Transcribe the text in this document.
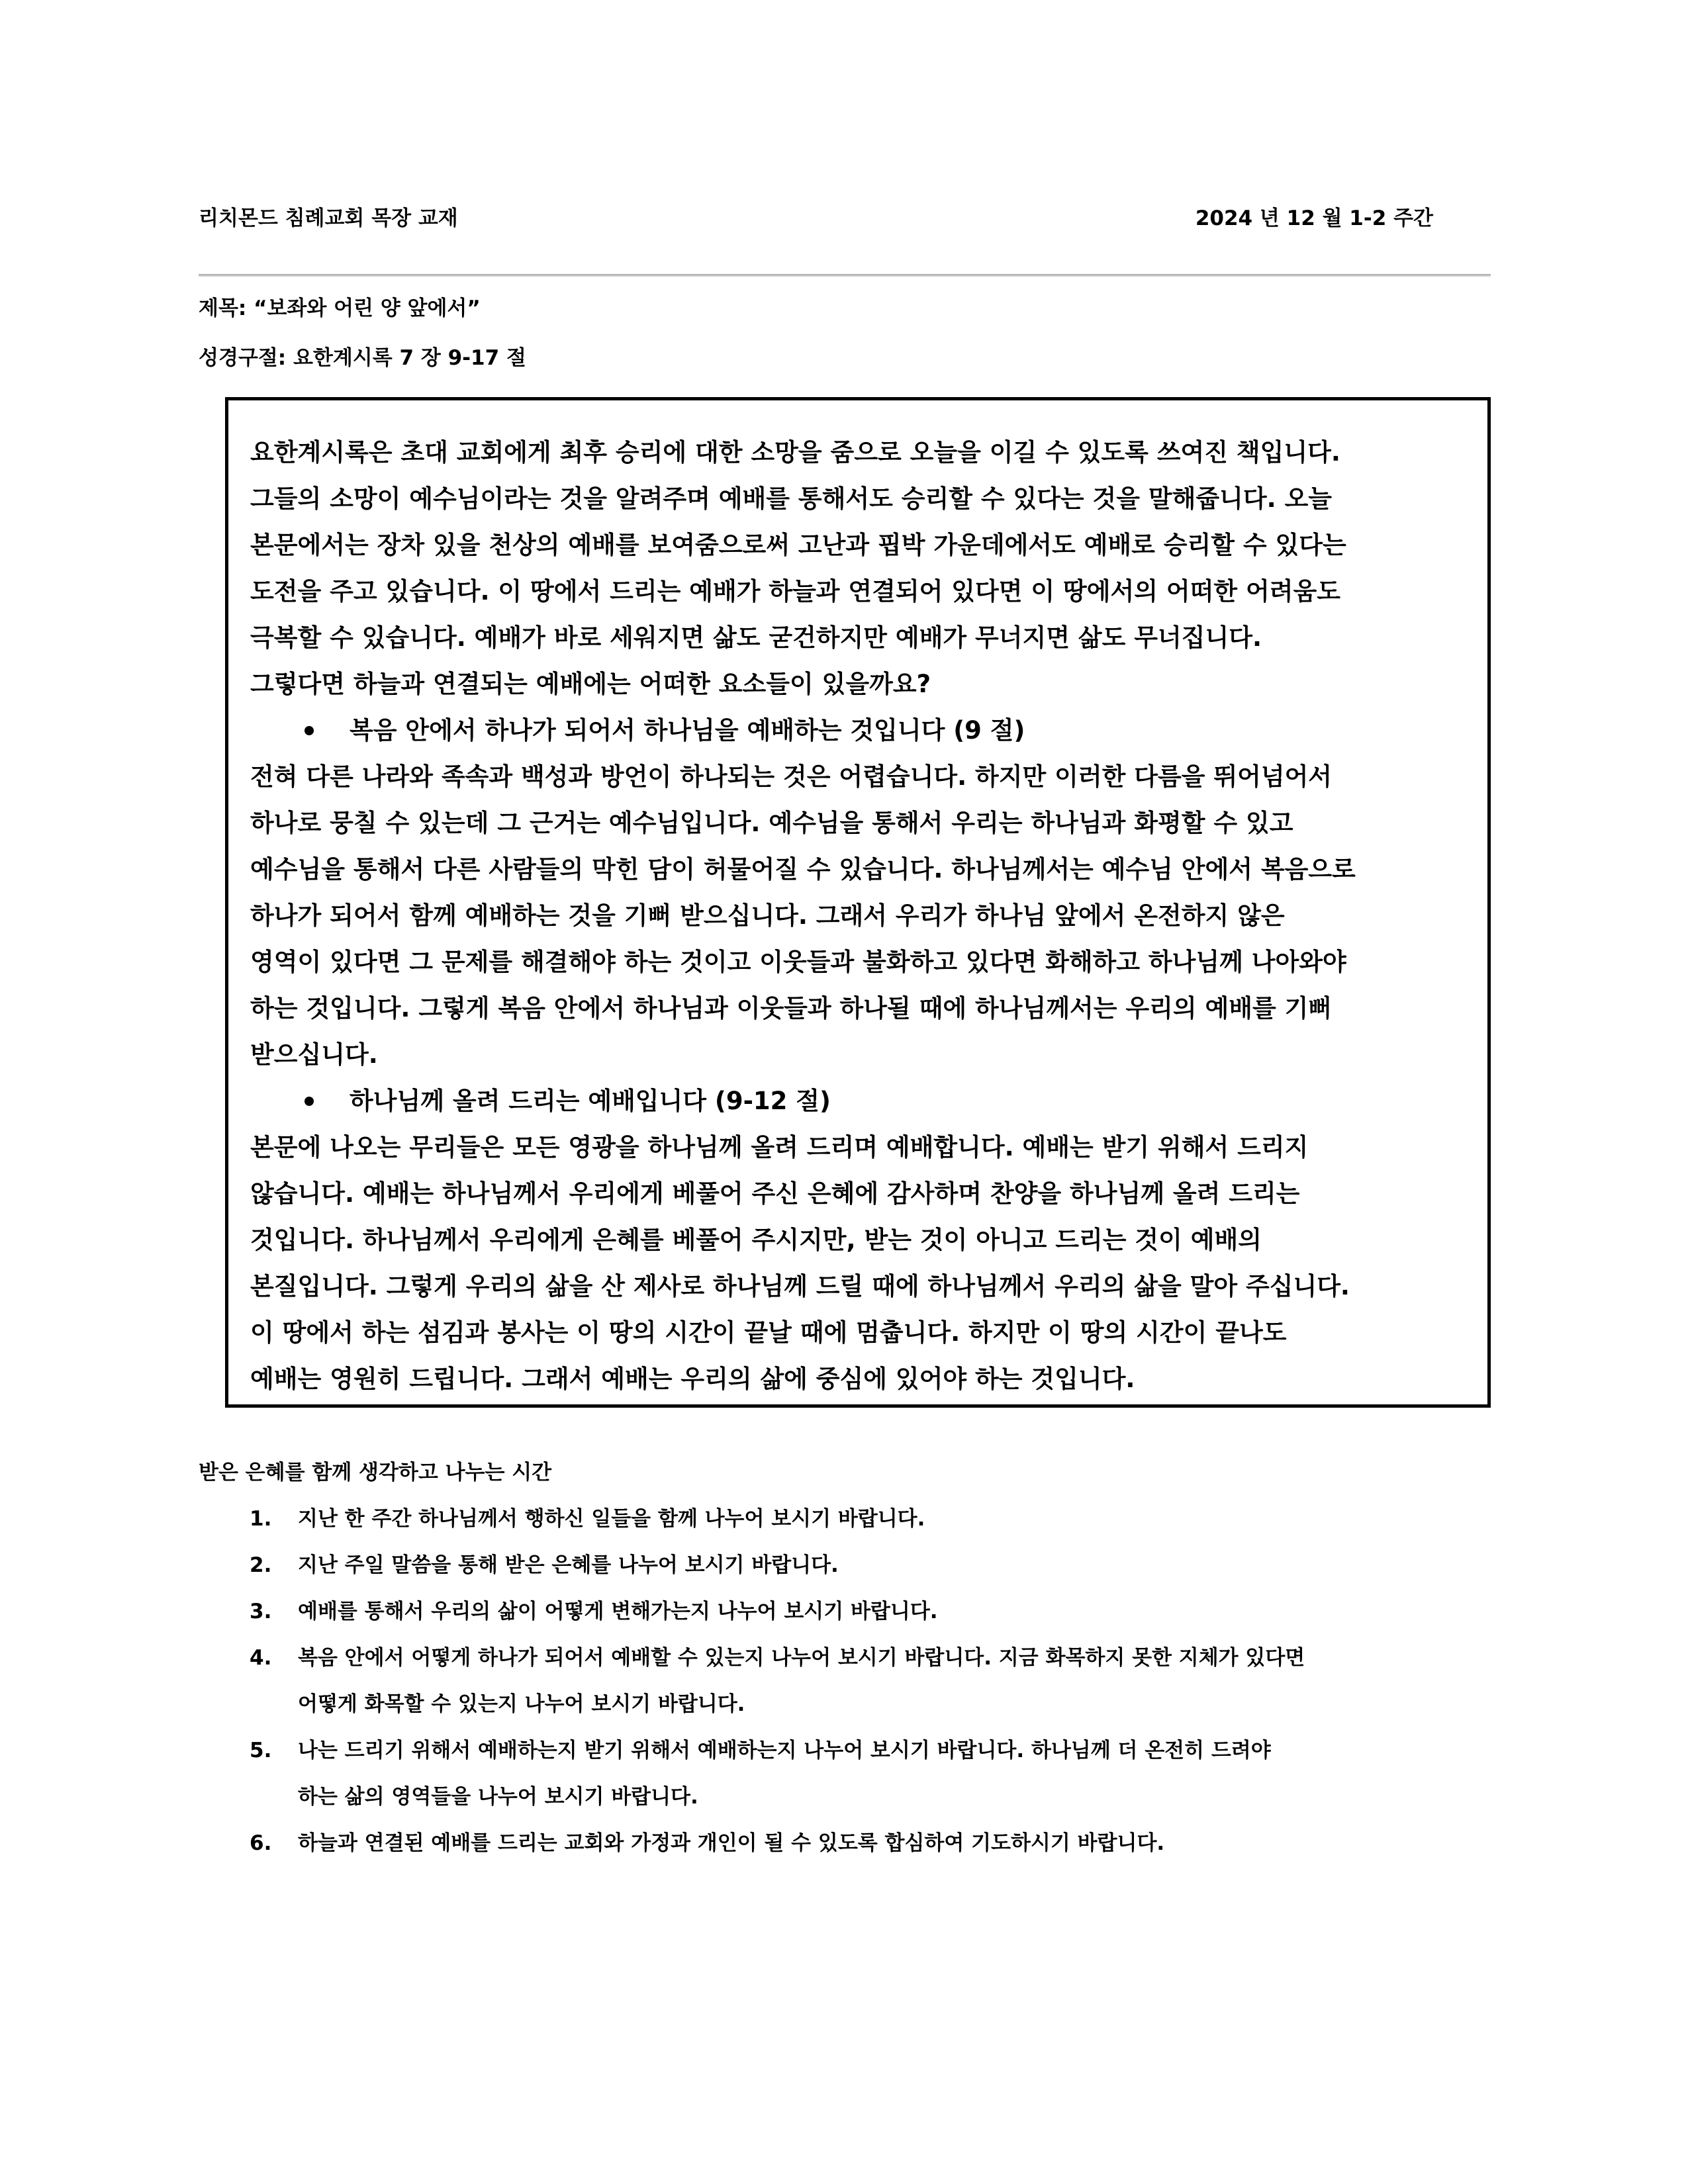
리치몬드 침례교회 목장 교재	2024 년 12 월 1-2 주간
제목: “보좌와 어린 양 앞에서”
성경구절: 요한계시록 7 장 9-17 절
요한계시록은 초대 교회에게 최후 승리에 대한 소망을 줌으로 오늘을 이길 수 있도록 쓰여진 책입니다.
그들의 소망이 예수님이라는 것을 알려주며 예배를 통해서도 승리할 수 있다는 것을 말해줍니다. 오늘
본문에서는 장차 있을 천상의 예배를 보여줌으로써 고난과 핍박 가운데에서도 예배로 승리할 수 있다는
도전을 주고 있습니다. 이 땅에서 드리는 예배가 하늘과 연결되어 있다면 이 땅에서의 어떠한 어려움도
극복할 수 있습니다. 예배가 바로 세워지면 삶도 굳건하지만 예배가 무너지면 삶도 무너집니다.
그렇다면 하늘과 연결되는 예배에는 어떠한 요소들이 있을까요?
복음 안에서 하나가 되어서 하나님을 예배하는 것입니다 (9 절)
전혀 다른 나라와 족속과 백성과 방언이 하나되는 것은 어렵습니다. 하지만 이러한 다름을 뛰어넘어서
하나로 뭉칠 수 있는데 그 근거는 예수님입니다. 예수님을 통해서 우리는 하나님과 화평할 수 있고
예수님을 통해서 다른 사람들의 막힌 담이 허물어질 수 있습니다. 하나님께서는 예수님 안에서 복음으로
하나가 되어서 함께 예배하는 것을 기뻐 받으십니다. 그래서 우리가 하나님 앞에서 온전하지 않은
영역이 있다면 그 문제를 해결해야 하는 것이고 이웃들과 불화하고 있다면 화해하고 하나님께 나아와야
하는 것입니다. 그렇게 복음 안에서 하나님과 이웃들과 하나될 때에 하나님께서는 우리의 예배를 기뻐
받으십니다.
하나님께 올려 드리는 예배입니다 (9-12 절)
본문에 나오는 무리들은 모든 영광을 하나님께 올려 드리며 예배합니다. 예배는 받기 위해서 드리지
않습니다. 예배는 하나님께서 우리에게 베풀어 주신 은혜에 감사하며 찬양을 하나님께 올려 드리는
것입니다. 하나님께서 우리에게 은혜를 베풀어 주시지만, 받는 것이 아니고 드리는 것이 예배의
본질입니다. 그렇게 우리의 삶을 산 제사로 하나님께 드릴 때에 하나님께서 우리의 삶을 말아 주십니다.
이 땅에서 하는 섬김과 봉사는 이 땅의 시간이 끝날 때에 멈춥니다. 하지만 이 땅의 시간이 끝나도
예배는 영원히 드립니다. 그래서 예배는 우리의 삶에 중심에 있어야 하는 것입니다.
받은 은혜를 함께 생각하고 나누는 시간
1. 지난 한 주간 하나님께서 행하신 일들을 함께 나누어 보시기 바랍니다.
2. 지난 주일 말씀을 통해 받은 은혜를 나누어 보시기 바랍니다.
3. 예배를 통해서 우리의 삶이 어떻게 변해가는지 나누어 보시기 바랍니다.
4. 복음 안에서 어떻게 하나가 되어서 예배할 수 있는지 나누어 보시기 바랍니다. 지금 화목하지 못한 지체가 있다면
어떻게 화목할 수 있는지 나누어 보시기 바랍니다.
5. 나는 드리기 위해서 예배하는지 받기 위해서 예배하는지 나누어 보시기 바랍니다. 하나님께 더 온전히 드려야
하는 삶의 영역들을 나누어 보시기 바랍니다.
6. 하늘과 연결된 예배를 드리는 교회와 가정과 개인이 될 수 있도록 합심하여 기도하시기 바랍니다.
